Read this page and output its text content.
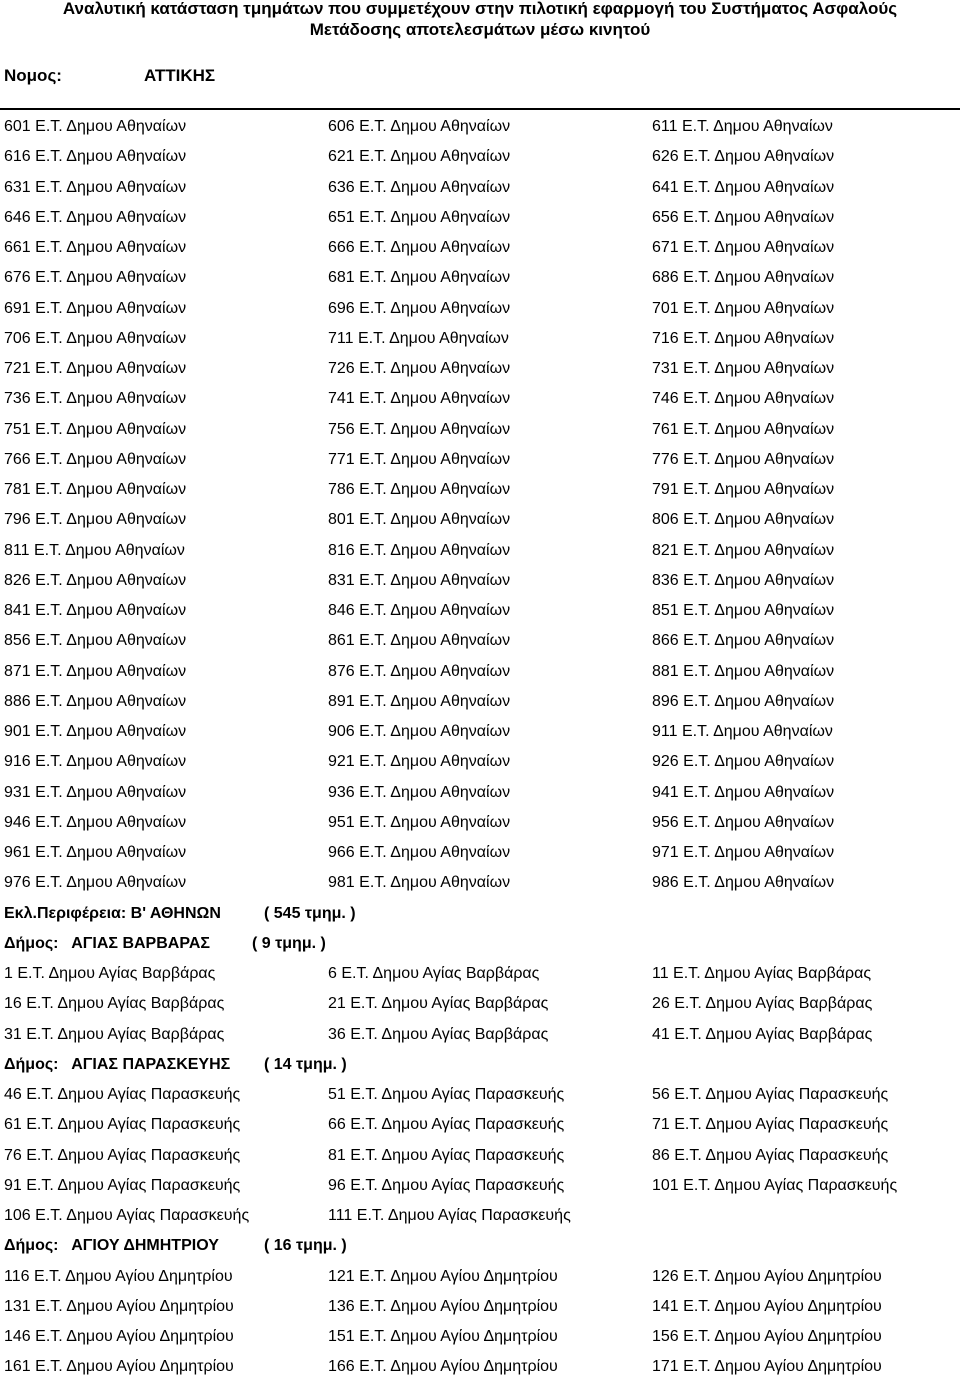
Αναλυτική κατάσταση τμημάτων που συμμετέχουν στην πιλοτική εφαρμογή του Συστήματος Ασφαλούς
Μετάδοσης αποτελεσμάτων μέσω κινητού
Νομος:	ΑΤΤΙΚΗΣ
601 Ε.Τ. Δημου Αθηναίων	606 Ε.Τ. Δημου Αθηναίων	611 Ε.Τ. Δημου Αθηναίων
616 Ε.Τ. Δημου Αθηναίων	621 Ε.Τ. Δημου Αθηναίων	626 Ε.Τ. Δημου Αθηναίων
631 Ε.Τ. Δημου Αθηναίων	636 Ε.Τ. Δημου Αθηναίων	641 Ε.Τ. Δημου Αθηναίων
646 Ε.Τ. Δημου Αθηναίων	651 Ε.Τ. Δημου Αθηναίων	656 Ε.Τ. Δημου Αθηναίων
661 Ε.Τ. Δημου Αθηναίων	666 Ε.Τ. Δημου Αθηναίων	671 Ε.Τ. Δημου Αθηναίων
676 Ε.Τ. Δημου Αθηναίων	681 Ε.Τ. Δημου Αθηναίων	686 Ε.Τ. Δημου Αθηναίων
691 Ε.Τ. Δημου Αθηναίων	696 Ε.Τ. Δημου Αθηναίων	701 Ε.Τ. Δημου Αθηναίων
706 Ε.Τ. Δημου Αθηναίων	711 Ε.Τ. Δημου Αθηναίων	716 Ε.Τ. Δημου Αθηναίων
721 Ε.Τ. Δημου Αθηναίων	726 Ε.Τ. Δημου Αθηναίων	731 Ε.Τ. Δημου Αθηναίων
736 Ε.Τ. Δημου Αθηναίων	741 Ε.Τ. Δημου Αθηναίων	746 Ε.Τ. Δημου Αθηναίων
751 Ε.Τ. Δημου Αθηναίων	756 Ε.Τ. Δημου Αθηναίων	761 Ε.Τ. Δημου Αθηναίων
766 Ε.Τ. Δημου Αθηναίων	771 Ε.Τ. Δημου Αθηναίων	776 Ε.Τ. Δημου Αθηναίων
781 Ε.Τ. Δημου Αθηναίων	786 Ε.Τ. Δημου Αθηναίων	791 Ε.Τ. Δημου Αθηναίων
796 Ε.Τ. Δημου Αθηναίων	801 Ε.Τ. Δημου Αθηναίων	806 Ε.Τ. Δημου Αθηναίων
811 Ε.Τ. Δημου Αθηναίων	816 Ε.Τ. Δημου Αθηναίων	821 Ε.Τ. Δημου Αθηναίων
826 Ε.Τ. Δημου Αθηναίων	831 Ε.Τ. Δημου Αθηναίων	836 Ε.Τ. Δημου Αθηναίων
841 Ε.Τ. Δημου Αθηναίων	846 Ε.Τ. Δημου Αθηναίων	851 Ε.Τ. Δημου Αθηναίων
856 Ε.Τ. Δημου Αθηναίων	861 Ε.Τ. Δημου Αθηναίων	866 Ε.Τ. Δημου Αθηναίων
871 Ε.Τ. Δημου Αθηναίων	876 Ε.Τ. Δημου Αθηναίων	881 Ε.Τ. Δημου Αθηναίων
886 Ε.Τ. Δημου Αθηναίων	891 Ε.Τ. Δημου Αθηναίων	896 Ε.Τ. Δημου Αθηναίων
901 Ε.Τ. Δημου Αθηναίων	906 Ε.Τ. Δημου Αθηναίων	911 Ε.Τ. Δημου Αθηναίων
916 Ε.Τ. Δημου Αθηναίων	921 Ε.Τ. Δημου Αθηναίων	926 Ε.Τ. Δημου Αθηναίων
931 Ε.Τ. Δημου Αθηναίων	936 Ε.Τ. Δημου Αθηναίων	941 Ε.Τ. Δημου Αθηναίων
946 Ε.Τ. Δημου Αθηναίων	951 Ε.Τ. Δημου Αθηναίων	956 Ε.Τ. Δημου Αθηναίων
961 Ε.Τ. Δημου Αθηναίων	966 Ε.Τ. Δημου Αθηναίων	971 Ε.Τ. Δημου Αθηναίων
976 Ε.Τ. Δημου Αθηναίων	981 Ε.Τ. Δημου Αθηναίων	986 Ε.Τ. Δημου Αθηναίων
Εκλ.Περιφέρεια: Β' ΑΘΗΝΩΝ	( 545 τμημ. )
Δήμος:   ΑΓΙΑΣ ΒΑΡΒΑΡΑΣ	( 9 τμημ. )
1 Ε.Τ. Δημου Αγίας Βαρβάρας	6 Ε.Τ. Δημου Αγίας Βαρβάρας	11 Ε.Τ. Δημου Αγίας Βαρβάρας
16 Ε.Τ. Δημου Αγίας Βαρβάρας	21 Ε.Τ. Δημου Αγίας Βαρβάρας	26 Ε.Τ. Δημου Αγίας Βαρβάρας
31 Ε.Τ. Δημου Αγίας Βαρβάρας	36 Ε.Τ. Δημου Αγίας Βαρβάρας	41 Ε.Τ. Δημου Αγίας Βαρβάρας
Δήμος:   ΑΓΙΑΣ ΠΑΡΑΣΚΕΥΗΣ ( 14 τμημ. )
46 Ε.Τ. Δημου Αγίας Παρασκευής	51 Ε.Τ. Δημου Αγίας Παρασκευής	56 Ε.Τ. Δημου Αγίας Παρασκευής
61 Ε.Τ. Δημου Αγίας Παρασκευής	66 Ε.Τ. Δημου Αγίας Παρασκευής	71 Ε.Τ. Δημου Αγίας Παρασκευής
76 Ε.Τ. Δημου Αγίας Παρασκευής	81 Ε.Τ. Δημου Αγίας Παρασκευής	86 Ε.Τ. Δημου Αγίας Παρασκευής
91 Ε.Τ. Δημου Αγίας Παρασκευής	96 Ε.Τ. Δημου Αγίας Παρασκευής	101 Ε.Τ. Δημου Αγίας Παρασκευής
106 Ε.Τ. Δημου Αγίας Παρασκευής	111 Ε.Τ. Δημου Αγίας Παρασκευής
Δήμος:   ΑΓΙΟΥ ΔΗΜΗΤΡΙΟΥ	( 16 τμημ. )
116 Ε.Τ. Δημου Αγίου Δημητρίου	121 Ε.Τ. Δημου Αγίου Δημητρίου	126 Ε.Τ. Δημου Αγίου Δημητρίου
131 Ε.Τ. Δημου Αγίου Δημητρίου	136 Ε.Τ. Δημου Αγίου Δημητρίου	141 Ε.Τ. Δημου Αγίου Δημητρίου
146 Ε.Τ. Δημου Αγίου Δημητρίου	151 Ε.Τ. Δημου Αγίου Δημητρίου	156 Ε.Τ. Δημου Αγίου Δημητρίου
161 Ε.Τ. Δημου Αγίου Δημητρίου	166 Ε.Τ. Δημου Αγίου Δημητρίου	171 Ε.Τ. Δημου Αγίου Δημητρίου
